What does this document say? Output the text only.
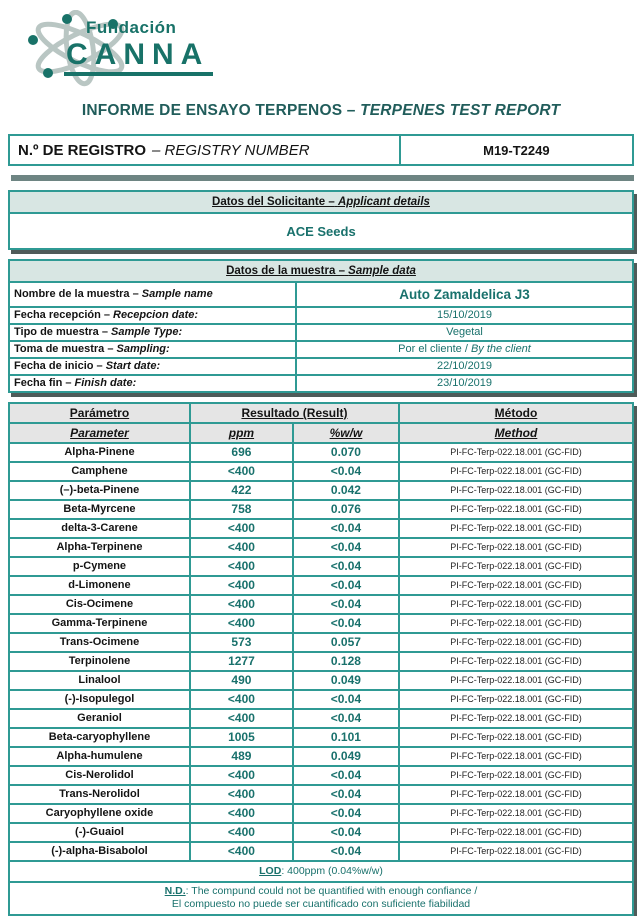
Fundación
CANNA
INFORME DE ENSAYO TERPENOS – TERPENES TEST REPORT
N.º DE REGISTRO – REGISTRY NUMBER	M19-T2249
Datos del Solicitante – Applicant details
ACE Seeds
Datos de la muestra – Sample data	
Nombre de la muestra – Sample name	Auto Zamaldelica J3
Fecha recepción – Recepcion date:	15/10/2019
Tipo de muestra – Sample Type:	Vegetal
Toma de muestra – Sampling:	Por el cliente / By the client
Fecha de inicio – Start date:	22/10/2019
Fecha fin – Finish date:	23/10/2019
Parámetro	Resultado (Result)		Método
Parameter	ppm	%w/w	Method
Alpha-Pinene	696	0.070	PI-FC-Terp-022.18.001 (GC-FID)
Camphene	<400	<0.04	PI-FC-Terp-022.18.001 (GC-FID)
(–)-beta-Pinene	422	0.042	PI-FC-Terp-022.18.001 (GC-FID)
Beta-Myrcene	758	0.076	PI-FC-Terp-022.18.001 (GC-FID)
delta-3-Carene	<400	<0.04	PI-FC-Terp-022.18.001 (GC-FID)
Alpha-Terpinene	<400	<0.04	PI-FC-Terp-022.18.001 (GC-FID)
p-Cymene	<400	<0.04	PI-FC-Terp-022.18.001 (GC-FID)
d-Limonene	<400	<0.04	PI-FC-Terp-022.18.001 (GC-FID)
Cis-Ocimene	<400	<0.04	PI-FC-Terp-022.18.001 (GC-FID)
Gamma-Terpinene	<400	<0.04	PI-FC-Terp-022.18.001 (GC-FID)
Trans-Ocimene	573	0.057	PI-FC-Terp-022.18.001 (GC-FID)
Terpinolene	1277	0.128	PI-FC-Terp-022.18.001 (GC-FID)
Linalool	490	0.049	PI-FC-Terp-022.18.001 (GC-FID)
(-)-Isopulegol	<400	<0.04	PI-FC-Terp-022.18.001 (GC-FID)
Geraniol	<400	<0.04	PI-FC-Terp-022.18.001 (GC-FID)
Beta-caryophyllene	1005	0.101	PI-FC-Terp-022.18.001 (GC-FID)
Alpha-humulene	489	0.049	PI-FC-Terp-022.18.001 (GC-FID)
Cis-Nerolidol	<400	<0.04	PI-FC-Terp-022.18.001 (GC-FID)
Trans-Nerolidol	<400	<0.04	PI-FC-Terp-022.18.001 (GC-FID)
Caryophyllene oxide	<400	<0.04	PI-FC-Terp-022.18.001 (GC-FID)
(-)-Guaiol	<400	<0.04	PI-FC-Terp-022.18.001 (GC-FID)
(-)-alpha-Bisabolol	<400	<0.04	PI-FC-Terp-022.18.001 (GC-FID)
LOD: 400ppm (0.04%w/w)			

N.D.: The compund could not be quantified with enough confiance /
El compuesto no puede ser cuantificado con suficiente fiabilidad			
